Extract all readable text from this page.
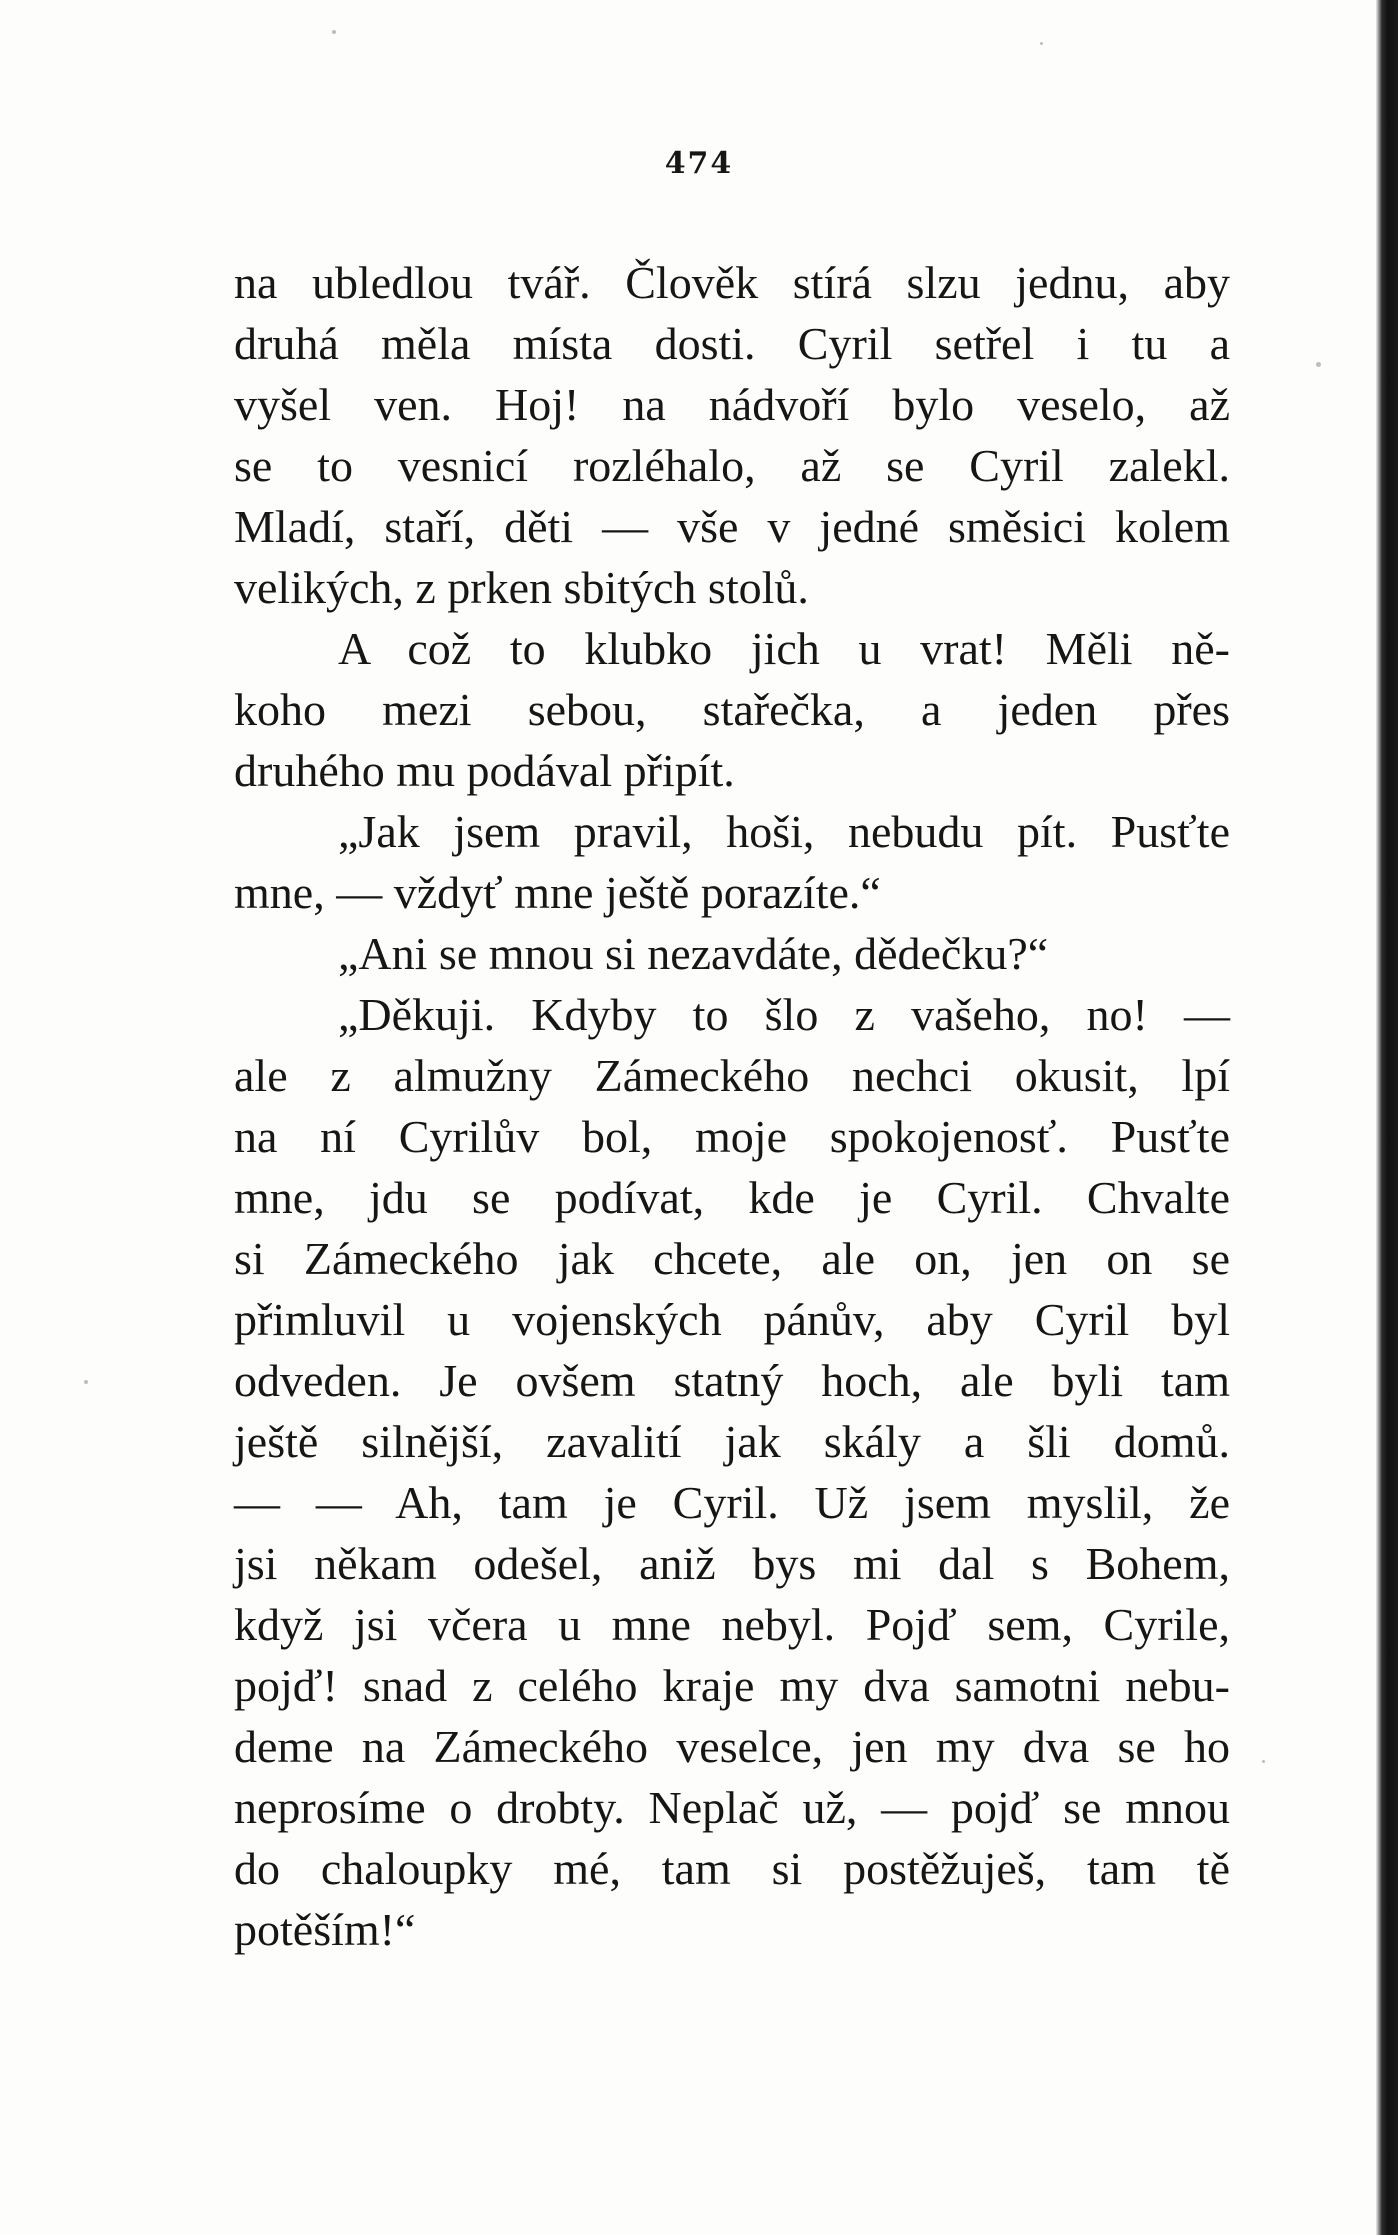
474
na ubledlou tvář. Člověk stírá slzu jednu, aby
druhá měla místa dosti. Cyril setřel i tu a
vyšel ven. Hoj! na nádvoří bylo veselo, až
se to vesnicí rozléhalo, až se Cyril zalekl.
Mladí, staří, děti — vše v jedné směsici kolem
velikých, z prken sbitých stolů.
A což to klubko jich u vrat! Měli ně-
koho mezi sebou, stařečka, a jeden přes
druhého mu podával připít.
„Jak jsem pravil, hoši, nebudu pít. Pusťte
mne, — vždyť mne ještě porazíte.“
„Ani se mnou si nezavdáte, dědečku?“
„Děkuji. Kdyby to šlo z vašeho, no! —
ale z almužny Zámeckého nechci okusit, lpí
na ní Cyrilův bol, moje spokojenosť. Pusťte
mne, jdu se podívat, kde je Cyril. Chvalte
si Zámeckého jak chcete, ale on, jen on se
přimluvil u vojenských pánův, aby Cyril byl
odveden. Je ovšem statný hoch, ale byli tam
ještě silnější, zavalití jak skály a šli domů.
— — Ah, tam je Cyril. Už jsem myslil, že
jsi někam odešel, aniž bys mi dal s Bohem,
když jsi včera u mne nebyl. Pojď sem, Cyrile,
pojď! snad z celého kraje my dva samotni nebu-
deme na Zámeckého veselce, jen my dva se ho
neprosíme o drobty. Neplač už, — pojď se mnou
do chaloupky mé, tam si postěžuješ, tam tě
potěším!“
